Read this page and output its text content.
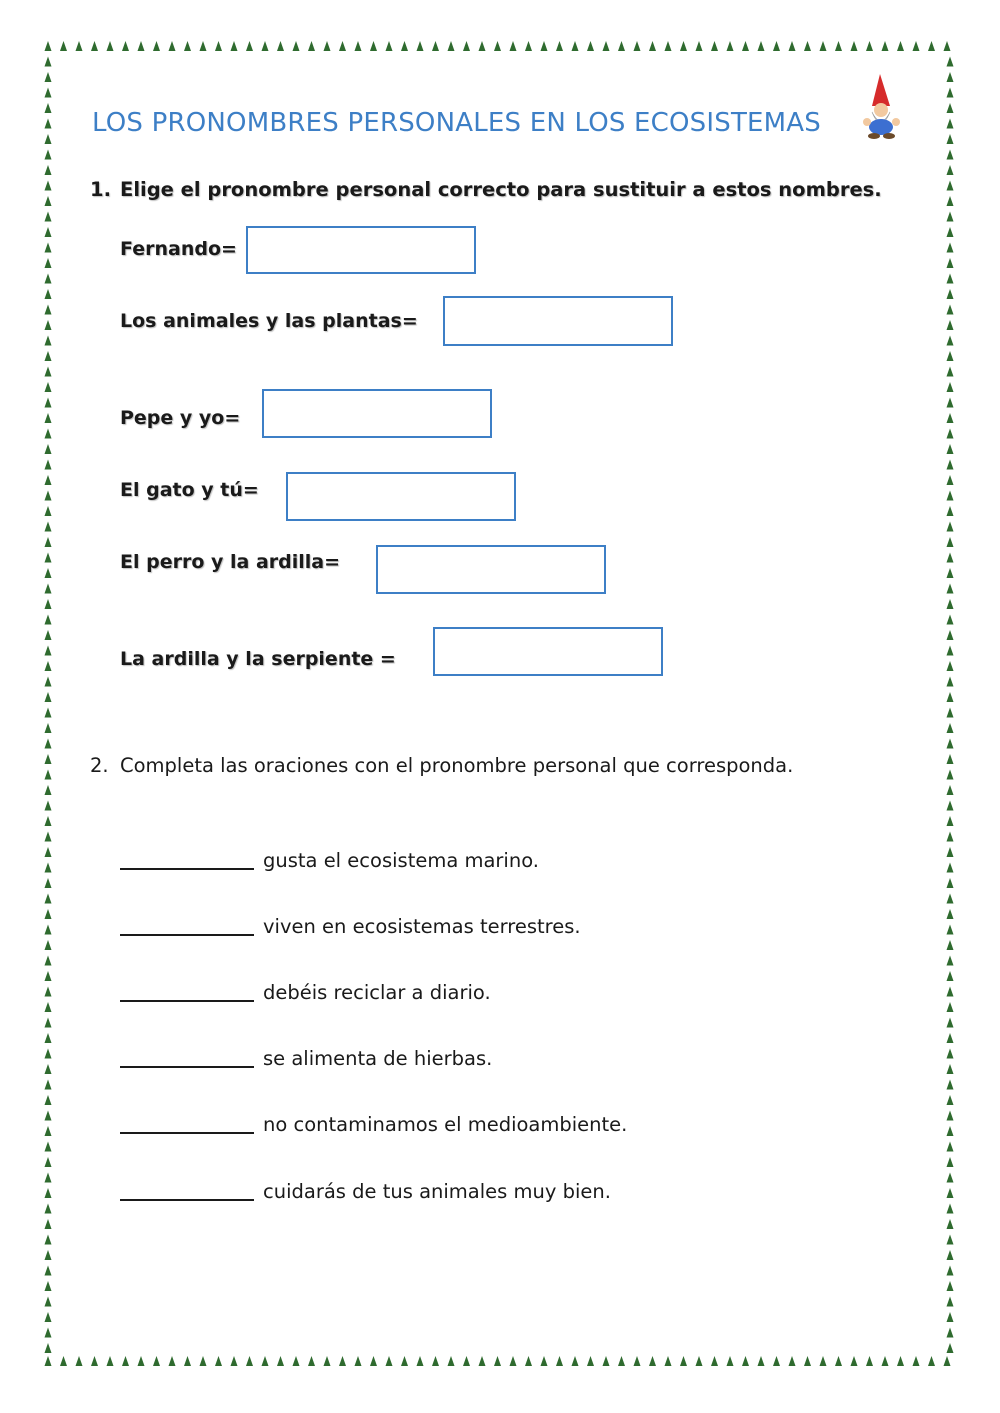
LOS PRONOMBRES PERSONALES EN LOS ECOSISTEMAS
1. Elige el pronombre personal correcto para sustituir a estos nombres.
Fernando=
Los animales y las plantas=
Pepe y yo=
El gato y tú=
El perro y la ardilla=
La ardilla y la serpiente =
2. Completa las oraciones con el pronombre personal que corresponda.
gusta el ecosistema marino.
viven en ecosistemas terrestres.
debéis reciclar a diario.
se alimenta de hierbas.
no contaminamos el medioambiente.
cuidarás de tus animales muy bien.
